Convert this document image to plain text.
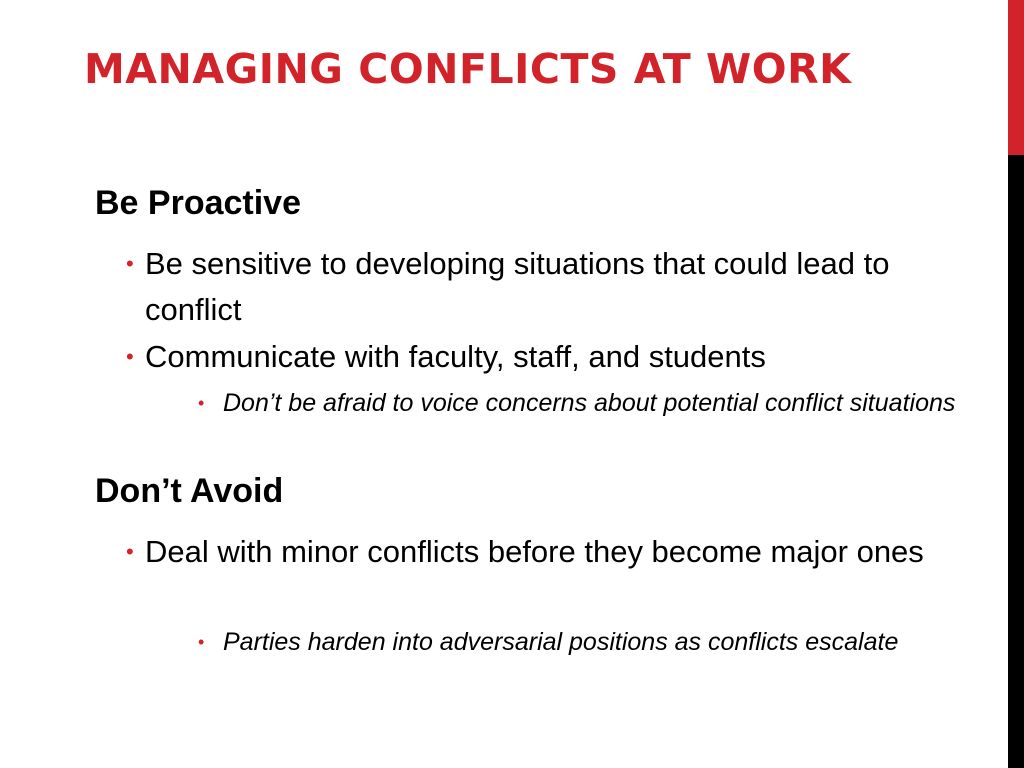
MANAGING CONFLICTS AT WORK
Be Proactive
• Be sensitive to developing situations that could lead to conflict
• Communicate with faculty, staff, and students
• Don’t be afraid to voice concerns about potential conflict situations
Don’t Avoid
• Deal with minor conflicts before they become major ones
• Parties harden into adversarial positions as conflicts escalate
